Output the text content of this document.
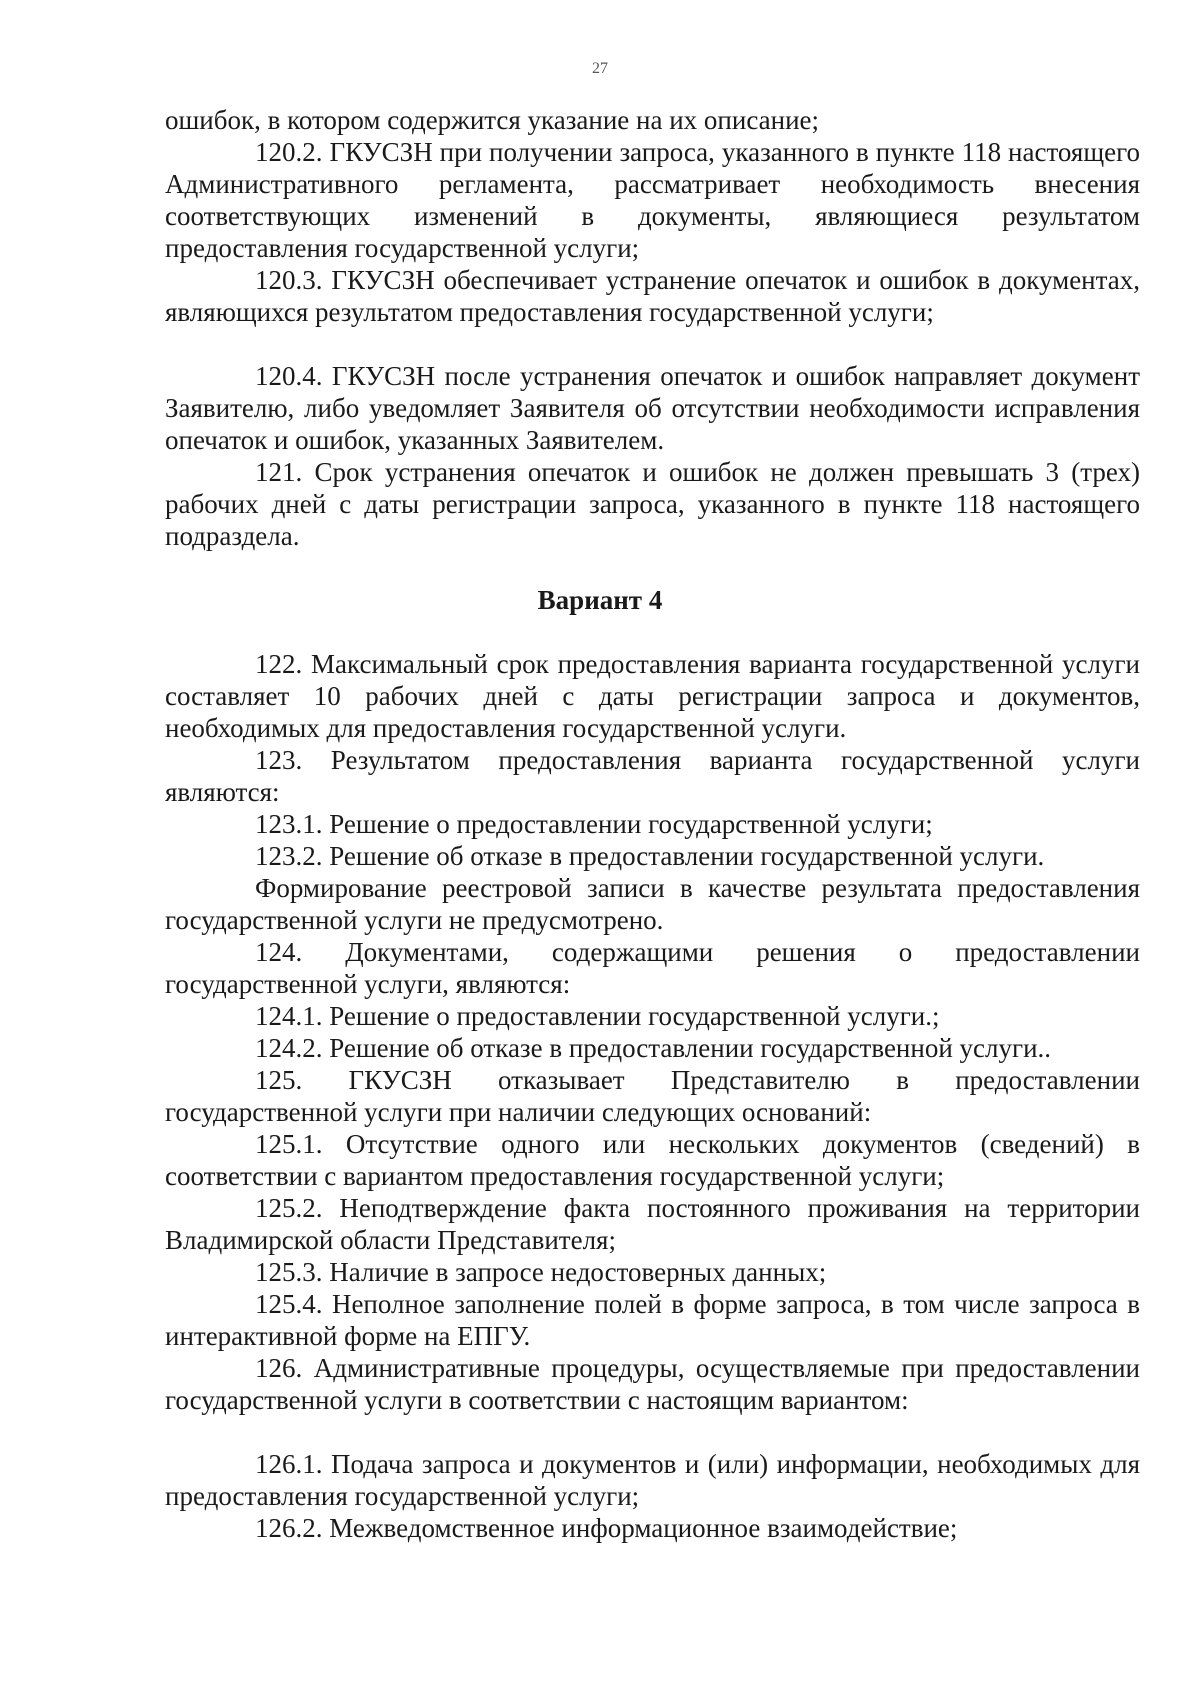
27

ошибок, в котором содержится указание на их описание;

120.2. ГКУСЗН при получении запроса, указанного в пункте 118 настоящего Административного регламента, рассматривает необходимость внесения соответствующих изменений в документы, являющиеся результатом предоставления государственной услуги;

120.3. ГКУСЗН обеспечивает устранение опечаток и ошибок в документах, являющихся результатом предоставления государственной услуги;

120.4. ГКУСЗН после устранения опечаток и ошибок направляет документ Заявителю, либо уведомляет Заявителя об отсутствии необходимости исправления опечаток и ошибок, указанных Заявителем.

121. Срок устранения опечаток и ошибок не должен превышать 3 (трех) рабочих дней с даты регистрации запроса, указанного в пункте 118 настоящего подраздела.

Вариант 4

122. Максимальный срок предоставления варианта государственной услуги составляет 10 рабочих дней с даты регистрации запроса и документов, необходимых для предоставления государственной услуги.

123. Результатом предоставления варианта государственной услуги являются:

123.1. Решение о предоставлении государственной услуги;

123.2. Решение об отказе в предоставлении государственной услуги.

Формирование реестровой записи в качестве результата предоставления государственной услуги не предусмотрено.

124. Документами, содержащими решения о предоставлении государственной услуги, являются:

124.1. Решение о предоставлении государственной услуги.;

124.2. Решение об отказе в предоставлении государственной услуги..

125. ГКУСЗН отказывает Представителю в предоставлении государственной услуги при наличии следующих оснований:

125.1. Отсутствие одного или нескольких документов (сведений) в соответствии с вариантом предоставления государственной услуги;

125.2. Неподтверждение факта постоянного проживания на территории Владимирской области Представителя;

125.3. Наличие в запросе недостоверных данных;

125.4. Неполное заполнение полей в форме запроса, в том числе запроса в интерактивной форме на ЕПГУ.

126. Административные процедуры, осуществляемые при предоставлении государственной услуги в соответствии с настоящим вариантом:

126.1. Подача запроса и документов и (или) информации, необходимых для предоставления государственной услуги;

126.2. Межведомственное информационное взаимодействие;
